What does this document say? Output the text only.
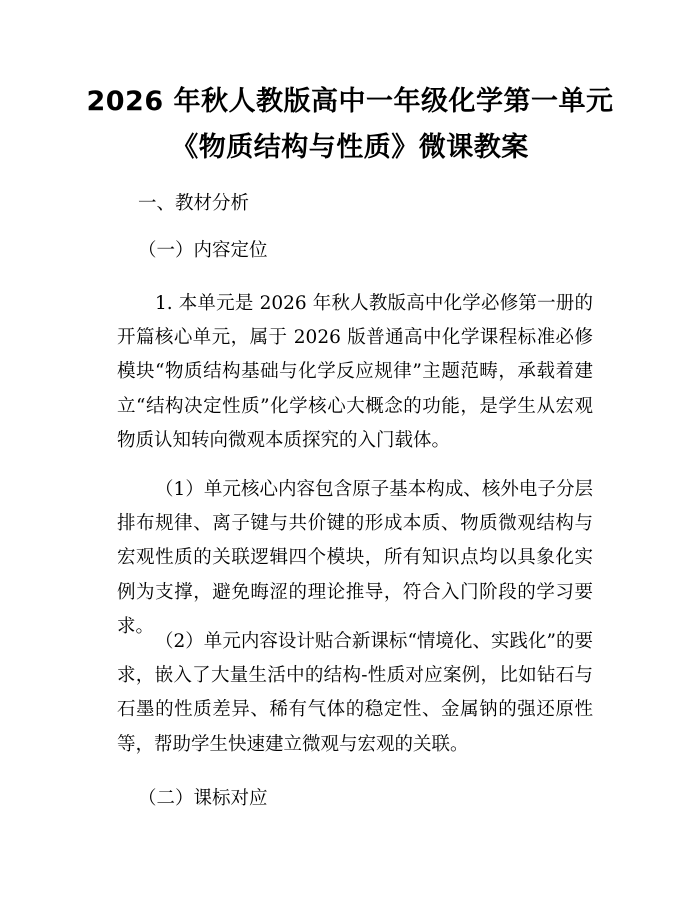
2026 年秋人教版高中一年级化学第一单元
《物质结构与性质》微课教案
一、教材分析
（一）内容定位

1. 本单元是 2026 年秋人教版高中化学必修第一册的开篇核心单元，属于 2026 版普通高中化学课程标准必修模块“物质结构基础与化学反应规律”主题范畴，承载着建立“结构决定性质”化学核心大概念的功能，是学生从宏观物质认知转向微观本质探究的入门载体。

（1）单元核心内容包含原子基本构成、核外电子分层排布规律、离子键与共价键的形成本质、物质微观结构与宏观性质的关联逻辑四个模块，所有知识点均以具象化实例为支撑，避免晦涩的理论推导，符合入门阶段的学习要求。

（2）单元内容设计贴合新课标“情境化、实践化”的要求，嵌入了大量生活中的结构-性质对应案例，比如钻石与石墨的性质差异、稀有气体的稳定性、金属钠的强还原性等，帮助学生快速建立微观与宏观的关联。

（二）课标对应
